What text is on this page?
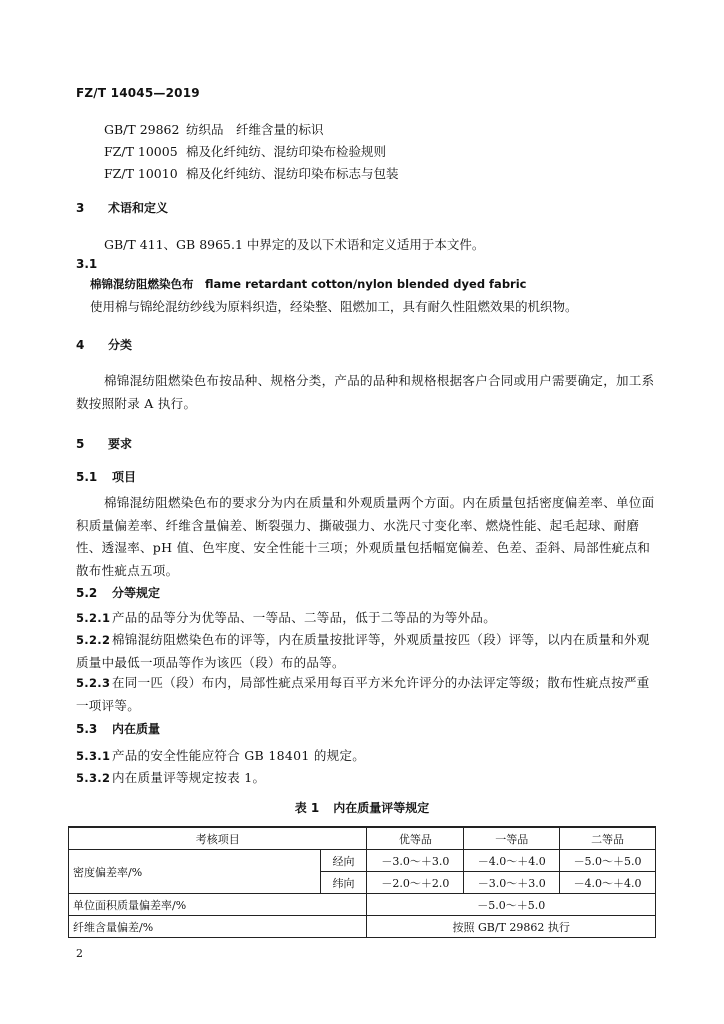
FZ/T 14045—2019
GB/T 29862 纺织品　纤维含量的标识
FZ/T 10005 棉及化纤纯纺、混纺印染布检验规则
FZ/T 10010 棉及化纤纯纺、混纺印染布标志与包装
3 术语和定义
GB/T 411、GB 8965.1 中界定的及以下术语和定义适用于本文件。
3.1
棉锦混纺阻燃染色布　flame retardant cotton/nylon blended dyed fabric
使用棉与锦纶混纺纱线为原料织造，经染整、阻燃加工，具有耐久性阻燃效果的机织物。
4 分类
棉锦混纺阻燃染色布按品种、规格分类，产品的品种和规格根据客户合同或用户需要确定，加工系数按照附录 A 执行。
5 要求
5.1 项目
棉锦混纺阻燃染色布的要求分为内在质量和外观质量两个方面。内在质量包括密度偏差率、单位面积质量偏差率、纤维含量偏差、断裂强力、撕破强力、水洗尺寸变化率、燃烧性能、起毛起球、耐磨性、透湿率、pH 值、色牢度、安全性能十三项；外观质量包括幅宽偏差、色差、歪斜、局部性疵点和散布性疵点五项。
5.2 分等规定
5.2.1 产品的品等分为优等品、一等品、二等品，低于二等品的为等外品。
5.2.2 棉锦混纺阻燃染色布的评等，内在质量按批评等，外观质量按匹（段）评等，以内在质量和外观质量中最低一项品等作为该匹（段）布的品等。
5.2.3 在同一匹（段）布内，局部性疵点采用每百平方米允许评分的办法评定等级；散布性疵点按严重一项评等。
5.3 内在质量
5.3.1 产品的安全性能应符合 GB 18401 的规定。
5.3.2 内在质量评等规定按表 1。
表 1 内在质量评等规定
考核项目		优等品	一等品	二等品
密度偏差率/%	经向	－3.0～＋3.0	－4.0～＋4.0	－5.0～＋5.0
	纬向	－2.0～＋2.0	－3.0～＋3.0	－4.0～＋4.0
单位面积质量偏差率/%		－5.0～＋5.0		
纤维含量偏差/%		按照 GB/T 29862 执行		
2
